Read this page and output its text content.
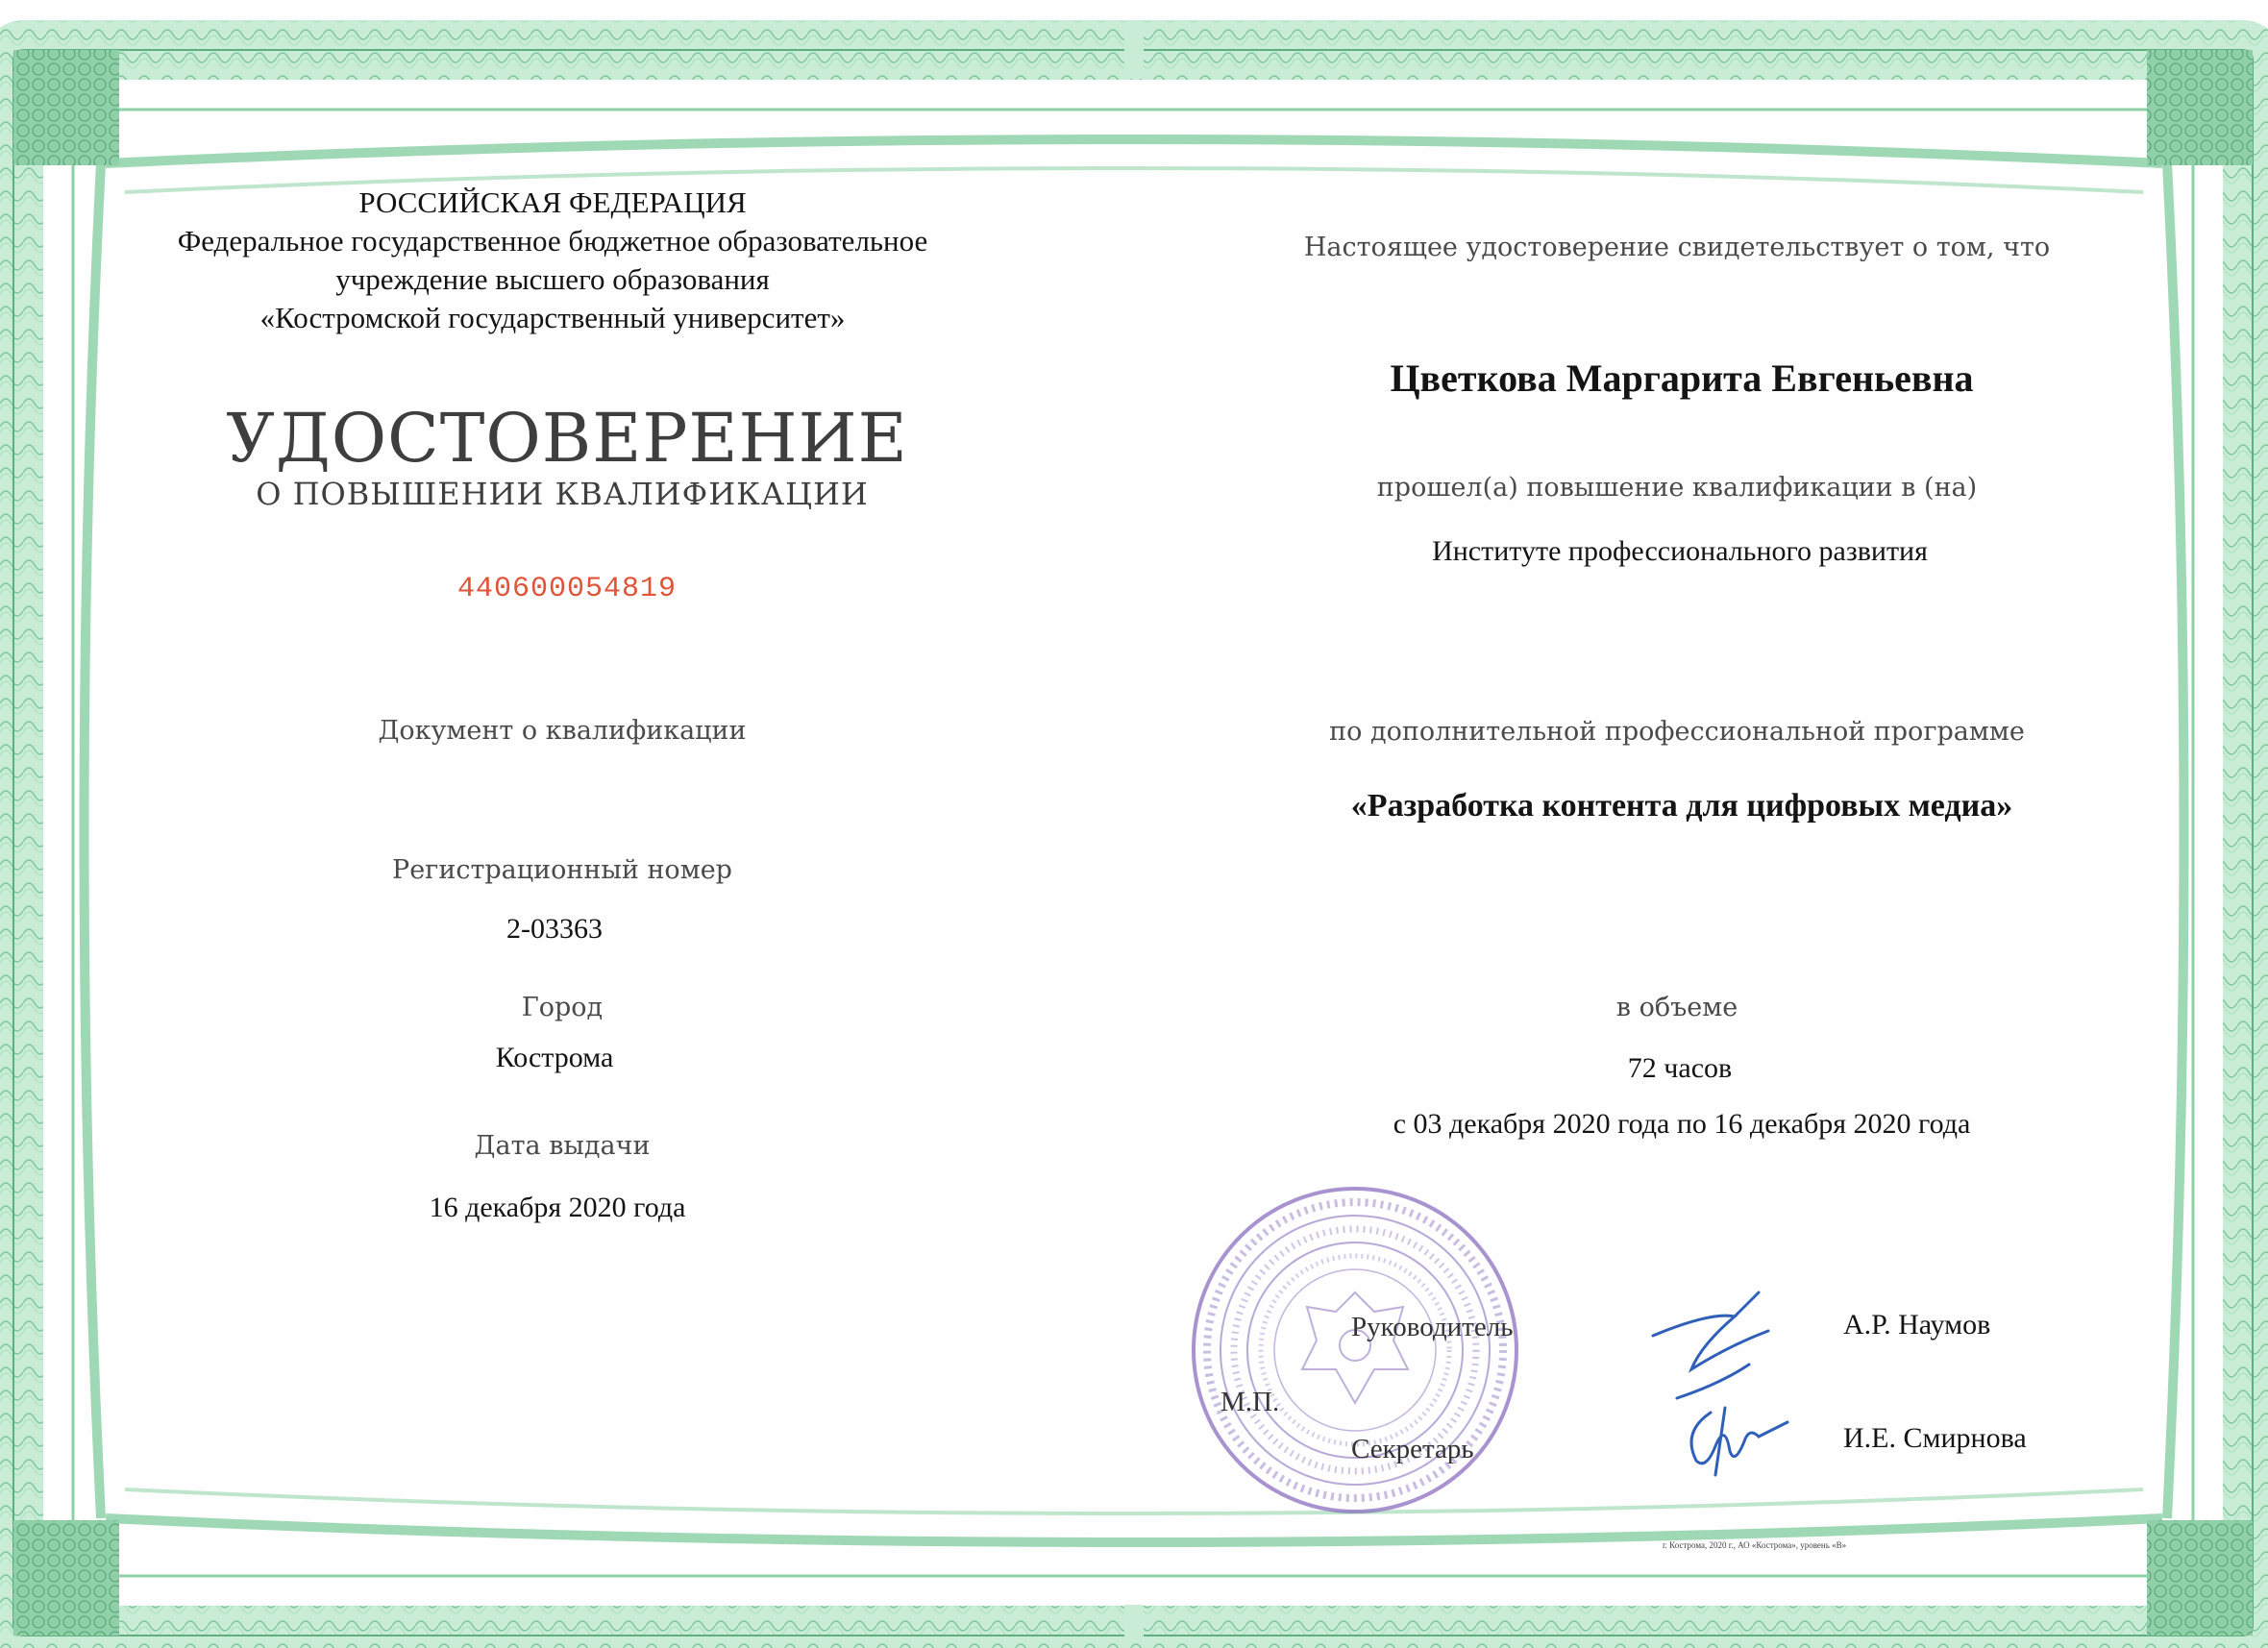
РОССИЙСКАЯ ФЕДЕРАЦИЯ
Федеральное государственное бюджетное образовательное
учреждение высшего образования
«Костромской государственный университет»
УДОСТОВЕРЕНИЕ
О ПОВЫШЕНИИ КВАЛИФИКАЦИИ
440600054819
Документ о квалификации
Регистрационный номер
2-03363
Город
Кострома
Дата выдачи
16 декабря 2020 года
Настоящее удостоверение свидетельствует о том, что
Цветкова Маргарита Евгеньевна
прошел(а) повышение квалификации в (на)
Институте профессионального развития
по дополнительной профессиональной программе
«Разработка контента для цифровых медиа»
в объеме
72 часов
с 03 декабря 2020 года по 16 декабря 2020 года
Руководитель
М.П.
Секретарь
А.Р. Наумов
И.Е. Смирнова
г. Кострома, 2020 г., АО «Кострома», уровень «В»
